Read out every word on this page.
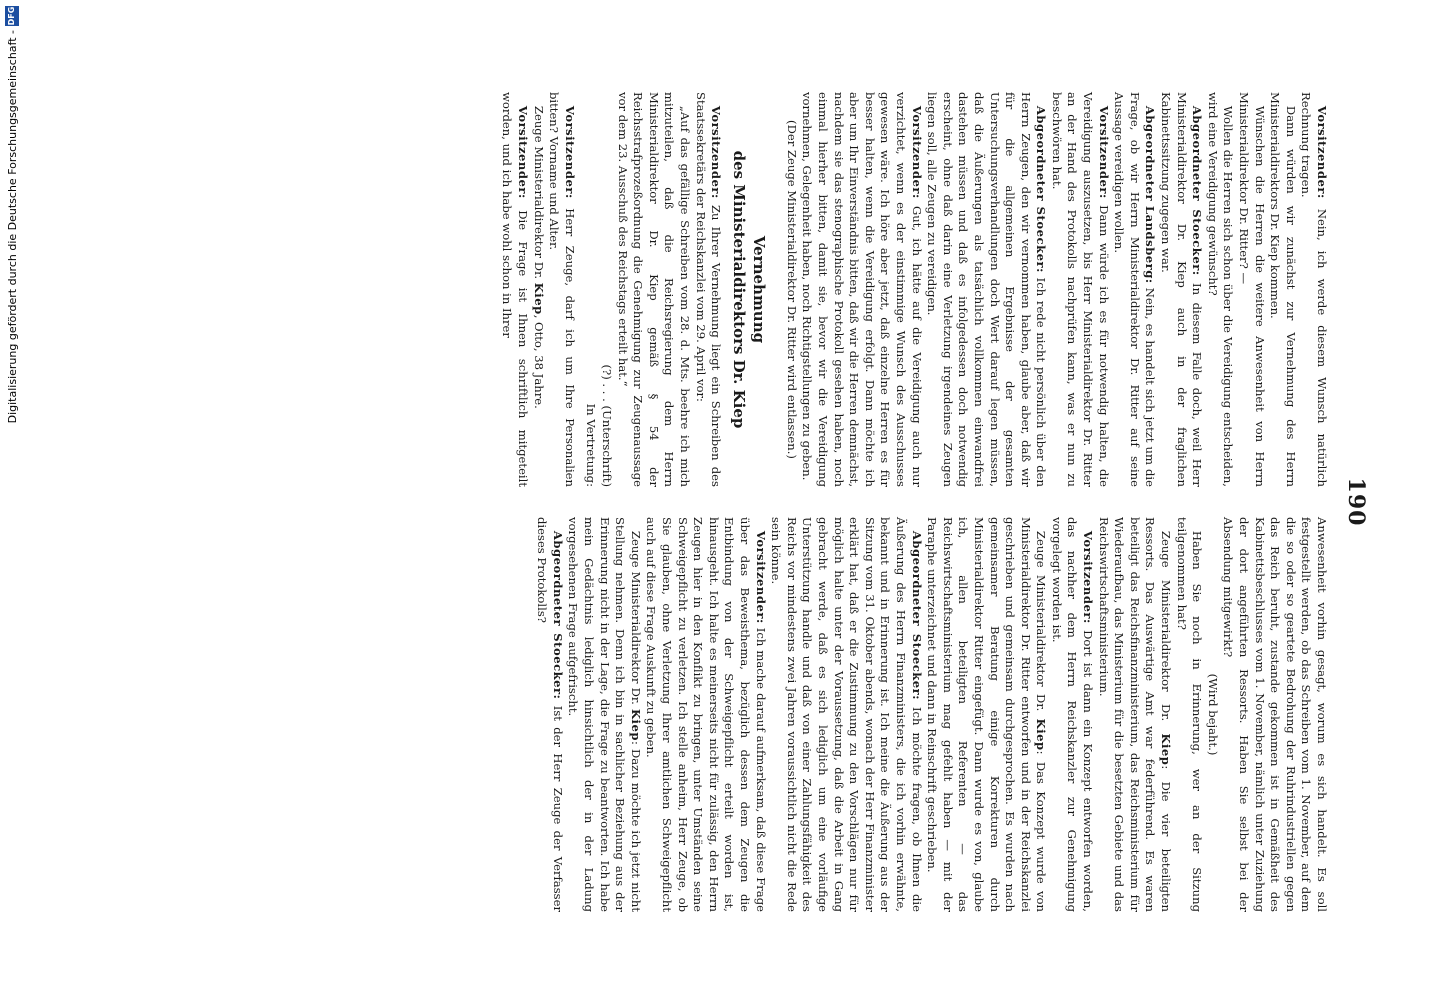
190

Vorsitzender: Nein, ich werde diesem Wunsch natürlich Rechnung tragen.

Dann würden wir zunächst zur Vernehmung des Herrn Ministerialdirektors Dr. Kiep kommen.

Wünschen die Herren die weitere Anwesenheit von Herrn Ministerialdirektor Dr. Ritter? —

Wollen die Herren sich schon über die Vereidigung entscheiden, wird eine Vereidigung gewünscht?

Abgeordneter Stoecker: In diesem Falle doch, weil Herr Ministerialdirektor Dr. Kiep auch in der fraglichen Kabinettssitzung zugegen war.

Abgeordneter Landsberg: Nein, es handelt sich jetzt um die Frage, ob wir Herrn Ministerialdirektor Dr. Ritter auf seine Aussage vereidigen wollen.

Vorsitzender: Dann würde ich es für notwendig halten, die Vereidigung auszusetzen, bis Herr Ministerialdirektor Dr. Ritter an der Hand des Protokolls nachprüfen kann, was er nun zu beschwören hat.

Abgeordneter Stoecker: Ich rede nicht persönlich über den Herrn Zeugen, den wir vernommen haben, glaube aber, daß wir für die allgemeinen Ergebnisse der gesamten Untersuchungsverhandlungen doch Wert darauf legen müssen, daß die Äußerungen als tatsächlich vollkommen einwandfrei dastehen müssen und daß es infolgedessen doch notwendig erscheint, ohne daß darin eine Verletzung irgendeines Zeugen liegen soll, alle Zeugen zu vereidigen.

Vorsitzender: Gut, ich hätte auf die Vereidigung auch nur verzichtet, wenn es der einstimmige Wunsch des Ausschusses gewesen wäre. Ich höre aber jetzt, daß einzelne Herren es für besser halten, wenn die Vereidigung erfolgt. Dann möchte ich aber um Ihr Einverständnis bitten, daß wir die Herren demnächst, nachdem sie das stenographische Protokoll gesehen haben, noch einmal hierher bitten, damit sie, bevor wir die Vereidigung vornehmen, Gelegenheit haben, noch Richtigstellungen zu geben.

(Der Zeuge Ministerialdirektor Dr. Ritter wird entlassen.)

Vernehmung
des Ministerialdirektors Dr. Kiep

Vorsitzender: Zu Ihrer Vernehmung liegt ein Schreiben des Staatssekretärs der Reichskanzlei vom 29. April vor:

„Auf das gefällige Schreiben vom 28. d. Mts. beehre ich mich mitzuteilen, daß die Reichsregierung dem Herrn Ministerialdirektor Dr. Kiep gemäß § 54 der Reichsstrafprozeßordnung die Genehmigung zur Zeugenaussage vor dem 23. Ausschuß des Reichstags erteilt hat.“

(?) . . . (Unterschrift)

In Vertretung:

Vorsitzender: Herr Zeuge, darf ich um Ihre Personalien bitten? Vorname und Alter.

Zeuge Ministerialdirektor Dr. Kiep, Otto, 38 Jahre.

Vorsitzender: Die Frage ist Ihnen schriftlich mitgeteilt worden, und ich habe wohl schon in Ihrer

Anwesenheit vorhin gesagt, worum es sich handelt. Es soll festgestellt werden, ob das Schreiben vom 1. November, auf dem die so oder so geartete Bedrohung der Ruhrindustriellen gegen das Reich beruht, zustande gekommen ist in Gemäßheit des Kabinettsbeschlusses vom 1. November, nämlich unter Zuziehung der dort angeführten Ressorts. Haben Sie selbst bei der Absendung mitgewirkt?

(Wird bejaht.)

Haben Sie noch in Erinnerung, wer an der Sitzung teilgenommen hat?

Zeuge Ministerialdirektor Dr. Kiep: Die vier beteiligten Ressorts. Das Auswärtige Amt war federführend. Es waren beteiligt das Reichsfinanzministerium, das Reichsministerium für Wiederaufbau, das Ministerium für die besetzten Gebiete und das Reichswirtschaftsministerium.

Vorsitzender: Dort ist dann ein Konzept entworfen worden, das nachher dem Herrn Reichskanzler zur Genehmigung vorgelegt worden ist.

Zeuge Ministerialdirektor Dr. Kiep: Das Konzept wurde von Ministerialdirektor Dr. Ritter entworfen und in der Reichskanzlei geschrieben und gemeinsam durchgesprochen. Es wurden nach gemeinsamer Beratung einige Korrekturen durch Ministerialdirektor Ritter eingefügt. Dann wurde es von, glaube ich, allen beteiligten Referenten — das Reichswirtschaftsministerium mag gefehlt haben — mit der Paraphe unterzeichnet und dann in Reinschrift geschrieben.

Abgeordneter Stoecker: Ich möchte fragen, ob Ihnen die Äußerung des Herrn Finanzministers, die ich vorhin erwähnte, bekannt und in Erinnerung ist. Ich meine die Äußerung aus der Sitzung vom 31. Oktober abends, wonach der Herr Finanzminister erklärt hat, daß er die Zustimmung zu den Vorschlägen nur für möglich halte unter der Voraussetzung, daß die Arbeit in Gang gebracht werde, daß es sich lediglich um eine vorläufige Unterstützung handle und daß von einer Zahlungsfähigkeit des Reichs vor mindestens zwei Jahren voraussichtlich nicht die Rede sein könne.

Vorsitzender: Ich mache darauf aufmerksam, daß diese Frage über das Beweisthema, bezüglich dessen dem Zeugen die Entbindung von der Schweigepflicht erteilt worden ist, hinausgeht. Ich halte es meinerseits nicht für zulässig, den Herrn Zeugen hier in den Konflikt zu bringen, unter Umständen seine Schweigepflicht zu verletzen. Ich stelle anheim, Herr Zeuge, ob Sie glauben, ohne Verletzung Ihrer amtlichen Schweigepflicht auch auf diese Frage Auskunft zu geben.

Zeuge Ministerialdirektor Dr. Kiep: Dazu möchte ich jetzt nicht Stellung nehmen. Denn ich bin in sachlicher Beziehung aus der Erinnerung nicht in der Lage, die Frage zu beantworten. Ich habe mein Gedächtnis lediglich hinsichtlich der in der Ladung vorgesehenen Frage aufgefrischt.

Abgeordneter Stoecker: Ist der Herr Zeuge der Verfasser dieses Protokolls?

Digitalisierung gefördert durch die Deutsche Forschungsgemeinschaft -
DFG
